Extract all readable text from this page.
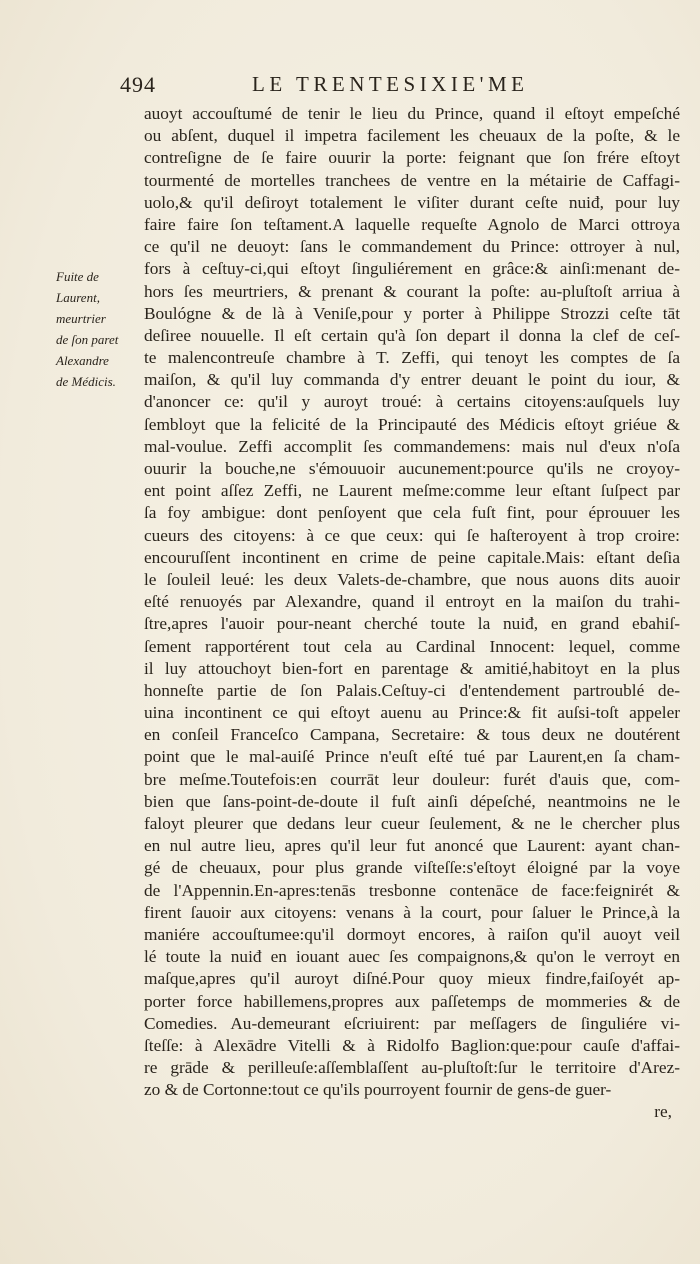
494	LE TRENTESIXIE'ME
Fuite de
Laurent,
meurtrier
de ſon paret
Alexandre
de Médicis.
auoyt accouſtumé de tenir le lieu du Prince, quand il eſtoyt empeſché
ou abſent, duquel il impetra facilement les cheuaux de la poſte, & le
contreſigne de ſe faire ouurir la porte: feignant que ſon frére eſtoyt
tourmenté de mortelles tranchees de ventre en la métairie de Caffagi-
uolo,& qu'il deſiroyt totalement le viſiter durant ceſte nuiđ, pour luy
faire faire ſon teſtament.A laquelle requeſte Agnolo de Marci ottroya
ce qu'il ne deuoyt: ſans le commandement du Prince: ottroyer à nul,
fors à ceſtuy-ci,qui eſtoyt ſinguliérement en grâce:& ainſi:menant de-
hors ſes meurtriers, & prenant & courant la poſte: au-pluſtoſt arriua à
Boulógne & de là à Veniſe,pour y porter à Philippe Strozzi ceſte tāt
deſiree nouuelle. Il eſt certain qu'à ſon depart il donna la clef de ceſ-
te malencontreuſe chambre à T. Zeffi, qui tenoyt les comptes de ſa
maiſon, & qu'il luy commanda d'y entrer deuant le point du iour, &
d'anoncer ce: qu'il y auroyt troué: à certains citoyens:auſquels luy
ſembloyt que la felicité de la Principauté des Médicis eſtoyt griéue &
mal-voulue. Zeffi accomplit ſes commandemens: mais nul d'eux n'oſa
ouurir la bouche,ne s'émouuoir aucunement:pource qu'ils ne croyoy-
ent point aſſez Zeffi, ne Laurent meſme:comme leur eſtant ſuſpect par
ſa foy ambigue: dont penſoyent que cela fuſt fint, pour éprouuer les
cueurs des citoyens: à ce que ceux: qui ſe haſteroyent à trop croire:
encouruſſent incontinent en crime de peine capitale.Mais: eſtant deſia
le ſouleil leué: les deux Valets-de-chambre, que nous auons dits auoir
eſté renuoyés par Alexandre, quand il entroyt en la maiſon du trahi-
ſtre,apres l'auoir pour-neant cherché toute la nuiđ, en grand ebahiſ-
ſement rapportérent tout cela au Cardinal Innocent: lequel, comme
il luy attouchoyt bien-fort en parentage & amitié,habitoyt en la plus
honneſte partie de ſon Palais.Ceſtuy-ci d'entendement partroublé de-
uina incontinent ce qui eſtoyt auenu au Prince:& fit auſsi-toſt appeler
en conſeil Franceſco Campana, Secretaire: & tous deux ne doutérent
point que le mal-auiſé Prince n'euſt eſté tué par Laurent,en ſa cham-
bre meſme.Toutefois:en courrāt leur douleur: furét d'auis que, com-
bien que ſans-point-de-doute il fuſt ainſi dépeſché, neantmoins ne le
faloyt pleurer que dedans leur cueur ſeulement, & ne le chercher plus
en nul autre lieu, apres qu'il leur fut anoncé que Laurent: ayant chan-
gé de cheuaux, pour plus grande viſteſſe:s'eſtoyt éloigné par la voye
de l'Appennin.En-apres:tenās tresbonne contenāce de face:feignirét &
firent ſauoir aux citoyens: venans à la court, pour ſaluer le Prince,à la
maniére accouſtumee:qu'il dormoyt encores, à raiſon qu'il auoyt veil
lé toute la nuiđ en iouant auec ſes compaignons,& qu'on le verroyt en
maſque,apres qu'il auroyt diſné.Pour quoy mieux findre,faiſoyét ap-
porter force habillemens,propres aux paſſetemps de mommeries & de
Comedies. Au-demeurant eſcriuirent: par meſſagers de ſinguliére vi-
ſteſſe: à Alexādre Vitelli & à Ridolfo Baglion:que:pour cauſe d'affai-
re grāde & perilleuſe:aſſemblaſſent au-pluſtoſt:ſur le territoire d'Arez-
zo & de Cortonne:tout ce qu'ils pourroyent fournir de gens-de guer-
re,
